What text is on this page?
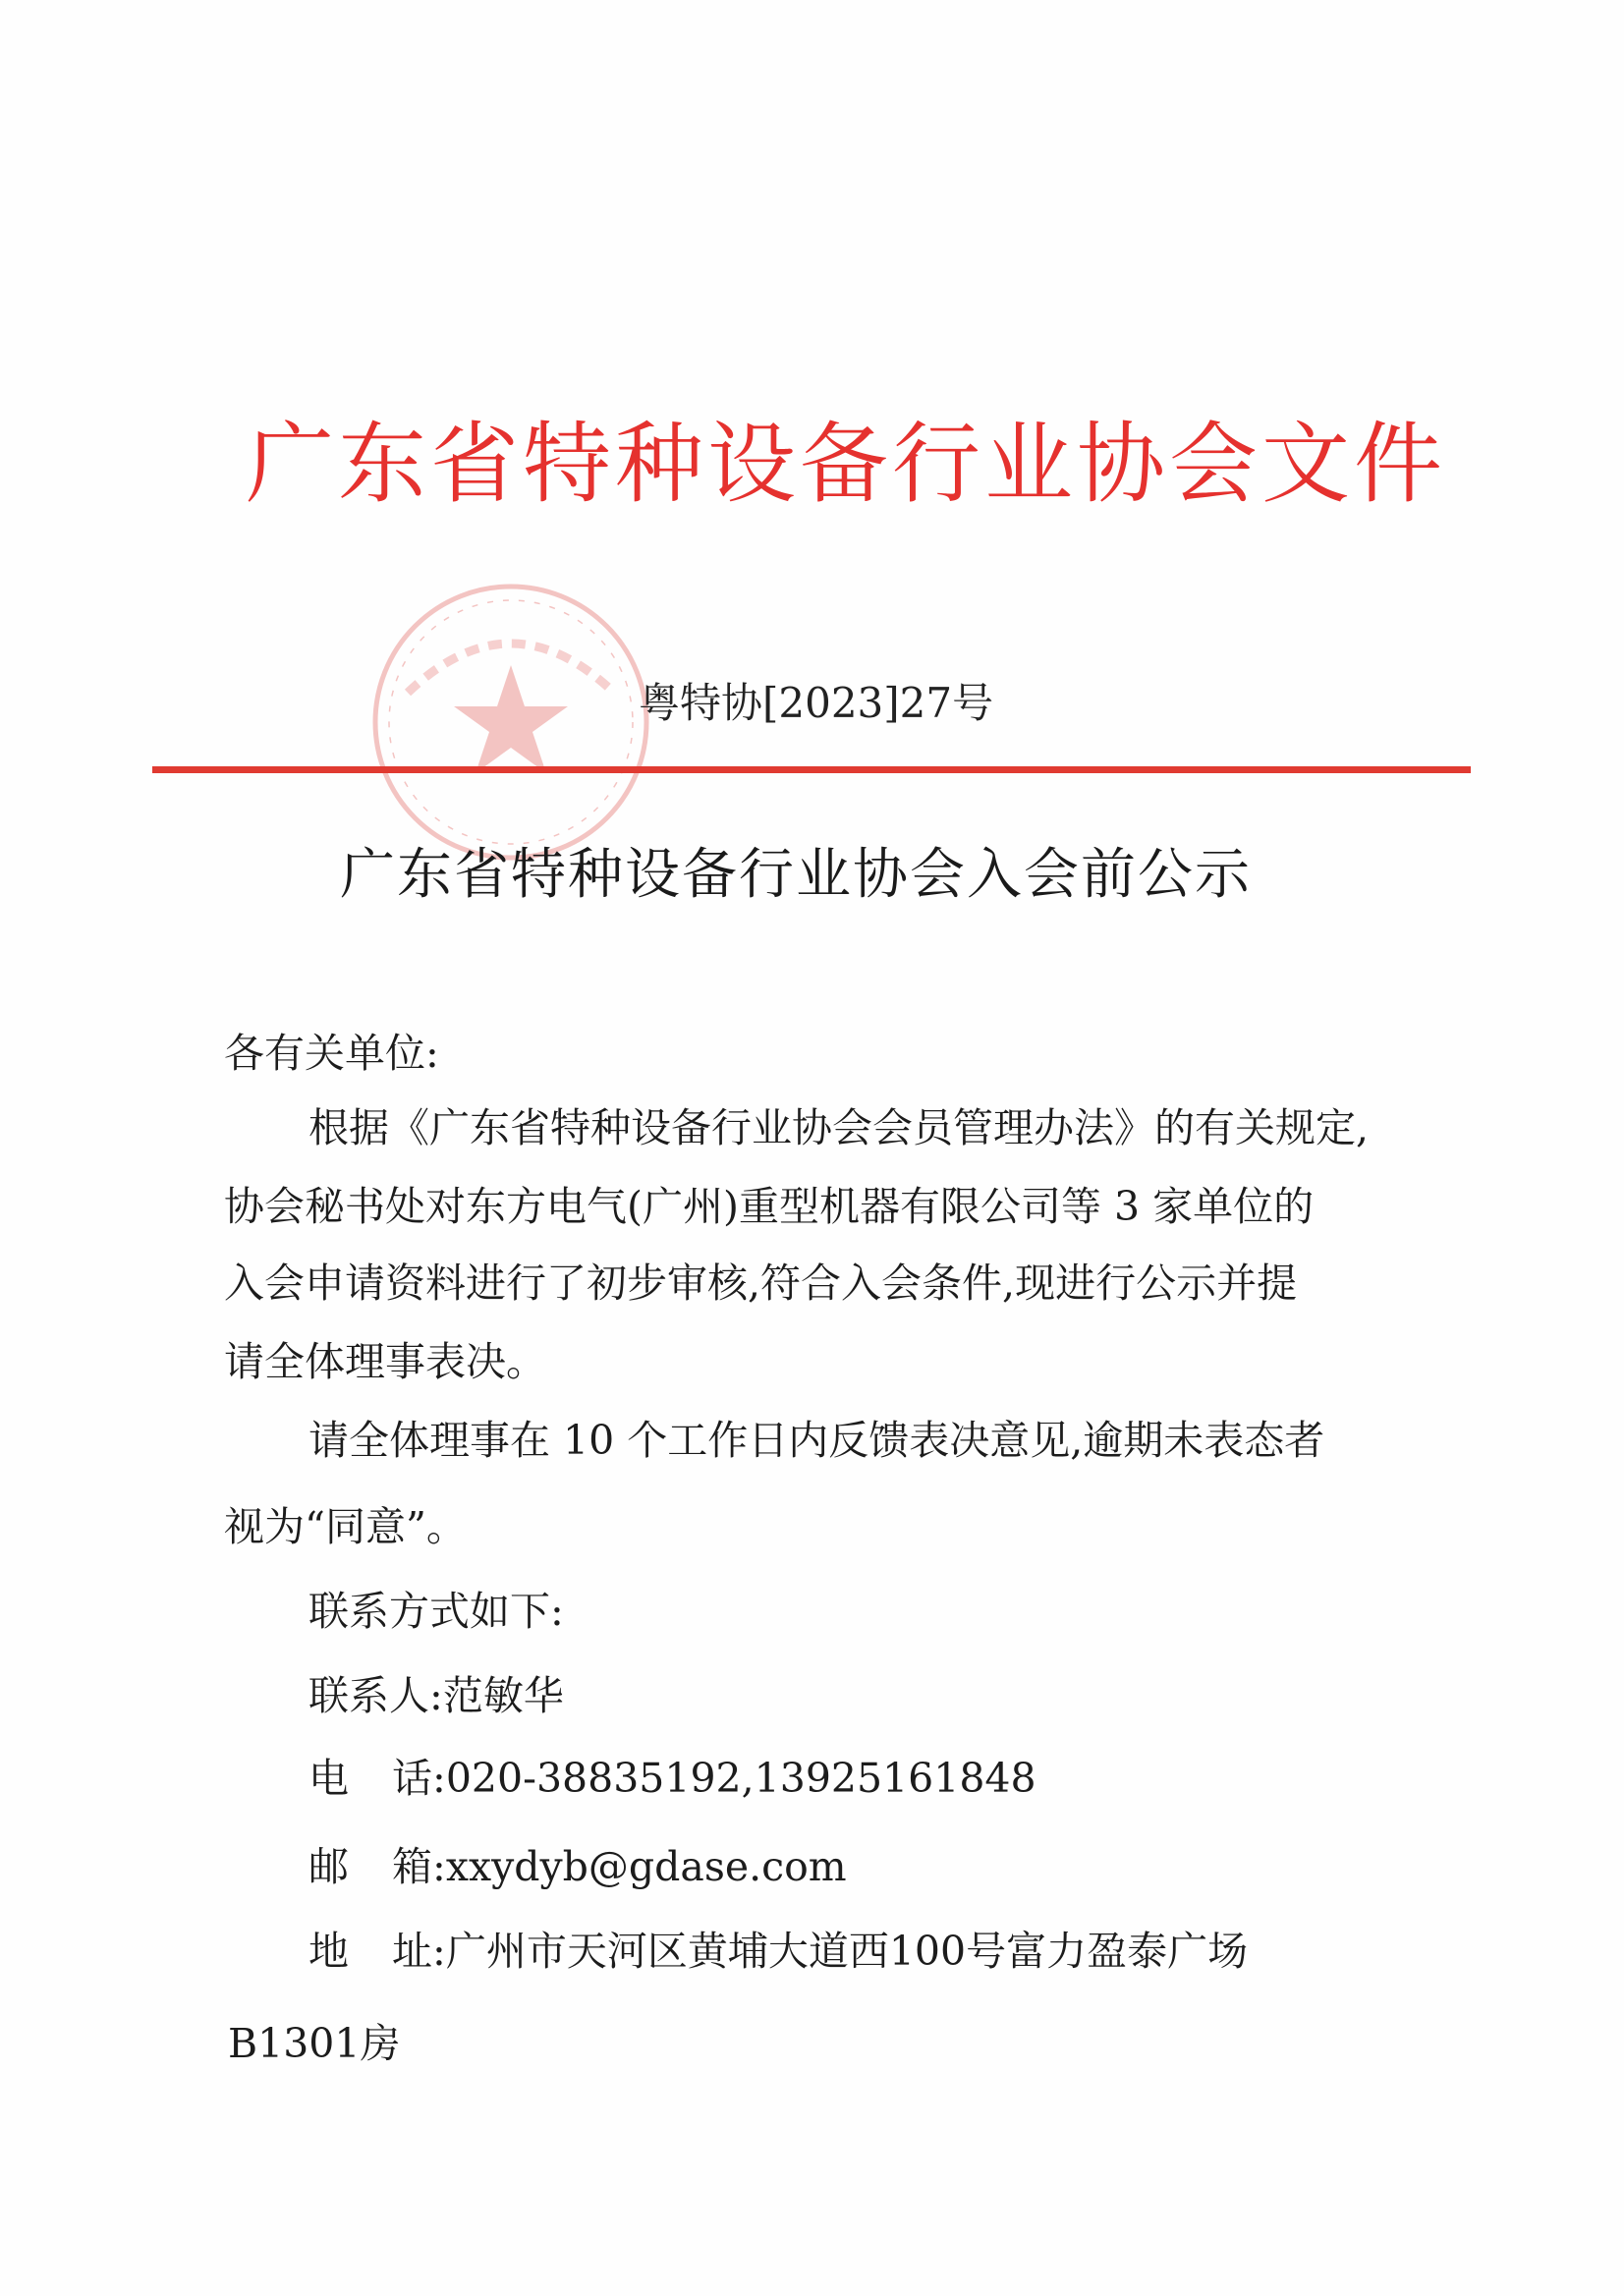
广东省特种设备行业协会文件
粤特协[2023]27号
广东省特种设备行业协会入会前公示
各有关单位:
根据《广东省特种设备行业协会会员管理办法》的有关规定,
协会秘书处对东方电气(广州)重型机器有限公司等 3 家单位的
入会申请资料进行了初步审核,符合入会条件,现进行公示并提
请全体理事表决。
请全体理事在 10 个工作日内反馈表决意见,逾期未表态者
视为“同意”。
联系方式如下:
联系人:范敏华
电 话:020-38835192,13925161848
邮 箱:xxydyb@gdase.com
地 址:广州市天河区黄埔大道西100号富力盈泰广场
B1301房
